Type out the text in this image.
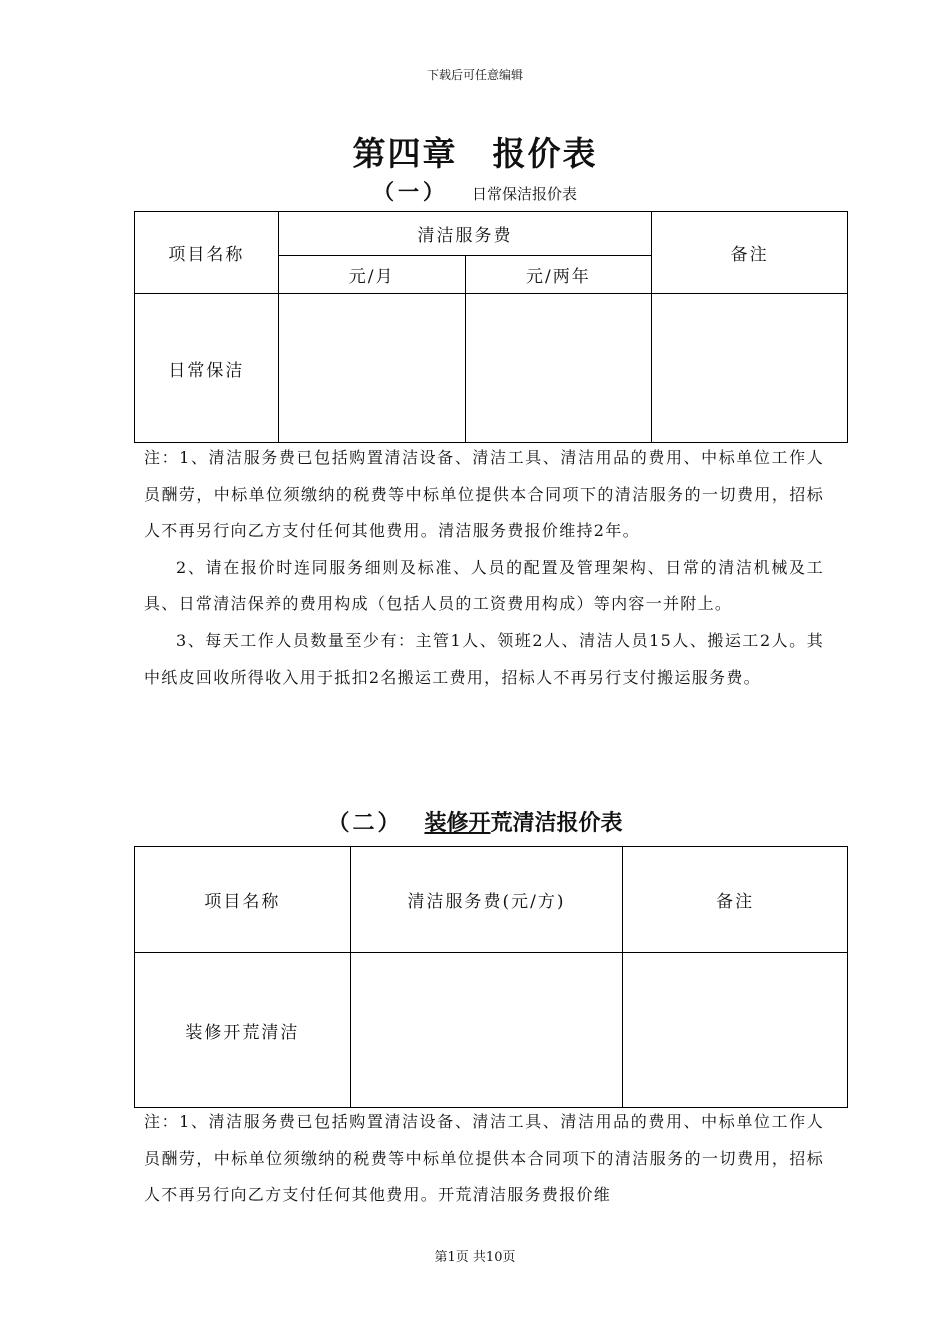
下载后可任意编辑
第四章　报价表
（一） 日常保洁报价表
项目名称	清洁服务费		备注
	元/月	元/两年	
日常保洁			

注：1、清洁服务费已包括购置清洁设备、清洁工具、清洁用品的费用、中标单位工作人员酬劳，中标单位须缴纳的税费等中标单位提供本合同项下的清洁服务的一切费用，招标人不再另行向乙方支付任何其他费用。清洁服务费报价维持2年。

2、请在报价时连同服务细则及标准、人员的配置及管理架构、日常的清洁机械及工具、日常清洁保养的费用构成（包括人员的工资费用构成）等内容一并附上。

3、每天工作人员数量至少有：主管1人、领班2人、清洁人员15人、搬运工2人。其中纸皮回收所得收入用于抵扣2名搬运工费用，招标人不再另行支付搬运服务费。

（二） 装修开荒清洁报价表
项目名称	清洁服务费(元/方)	备注
装修开荒清洁		

注：1、清洁服务费已包括购置清洁设备、清洁工具、清洁用品的费用、中标单位工作人员酬劳，中标单位须缴纳的税费等中标单位提供本合同项下的清洁服务的一切费用，招标人不再另行向乙方支付任何其他费用。开荒清洁服务费报价维

第1页 共10页
